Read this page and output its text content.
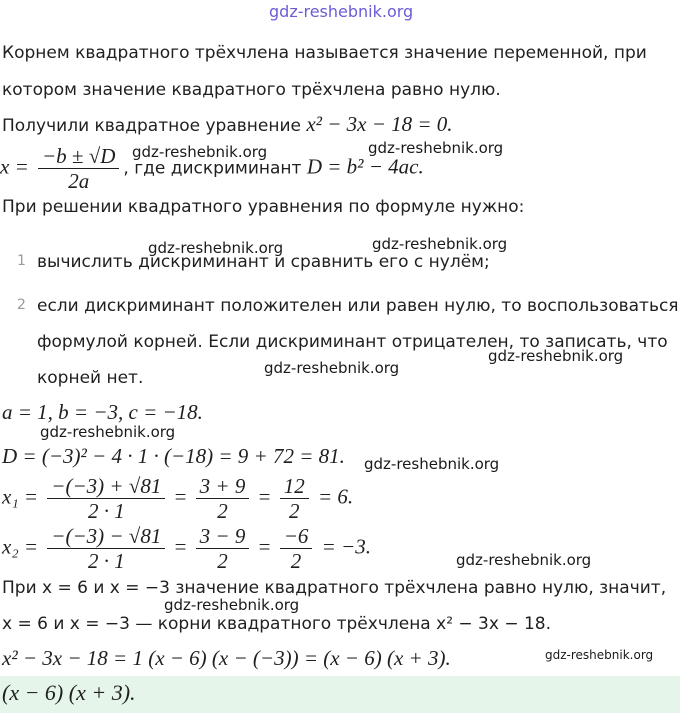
gdz-reshebnik.org
gdz-reshebnik.org	gdz-reshebnik.org
gdz-reshebnik.org	gdz-reshebnik.org
gdz-reshebnik.org
gdz-reshebnik.org
gdz-reshebnik.org
gdz-reshebnik.org
gdz-reshebnik.org
gdz-reshebnik.org
gdz-reshebnik.org
Корнем квадратного трёхчлена называется значение переменной, при
котором значение квадратного трёхчлена равно нулю.
Получили квадратное уравнение x² − 3x − 18 = 0.
$x = \frac{-b \pm √D}{2a}$ , где дискриминант D = b² − 4ac.
При решении квадратного уравнения по формуле нужно:
1 вычислить дискриминант и сравнить его с нулём;
2 если дискриминант положителен или равен нулю, то воспользоваться
формулой корней. Если дискриминант отрицателен, то записать, что
корней нет.
a = 1, b = −3, c = −18.
D = (−3)² − 4 · 1 · (−18) = 9 + 72 = 81.
$x_1 = \frac{-(-3) + √81}{2 \cdot 1} = \frac{3 + 9}{2} = \frac{12}{2} = 6$.
$x_2 = \frac{-(-3) - √81}{2 \cdot 1} = \frac{3 - 9}{2} = \frac{-6}{2} = -3$.
При x = 6 и x = −3 значение квадратного трёхчлена равно нулю, значит,
x = 6 и x = −3 — корни квадратного трёхчлена x² − 3x − 18.
x² − 3x − 18 = 1 (x − 6) (x − (−3)) = (x − 6) (x + 3).
(x − 6) (x + 3).
